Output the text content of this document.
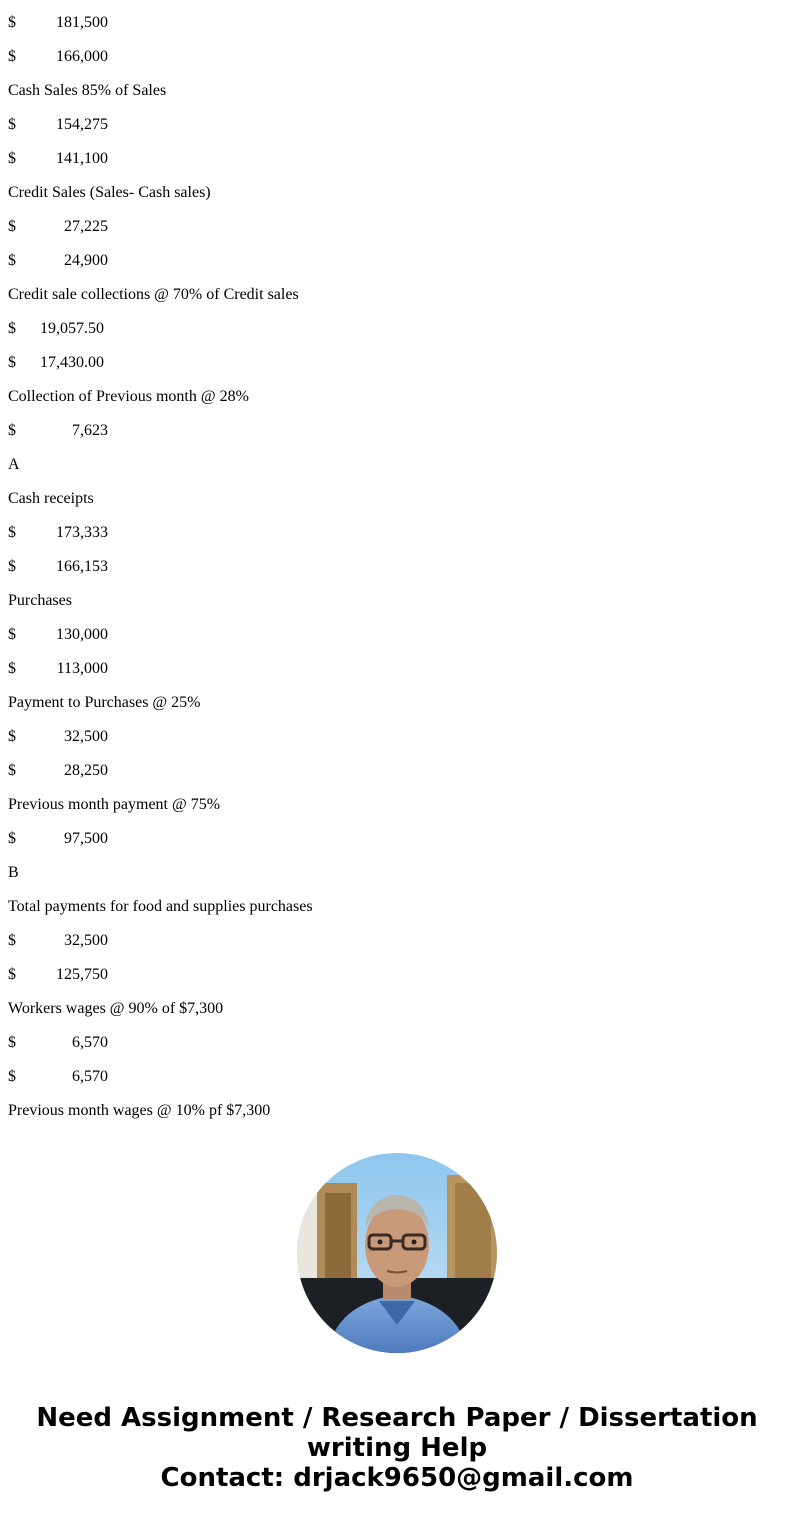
$	181,500
$	166,000
Cash Sales 85% of Sales
$	154,275
$	141,100
Credit Sales (Sales- Cash sales)
$	27,225
$	24,900
Credit sale collections @ 70% of Credit sales
$ 19,057.50
$ 17,430.00
Collection of Previous month @ 28%
$	7,623
A
Cash receipts
$	173,333
$	166,153
Purchases
$	130,000
$	113,000
Payment to Purchases @ 25%
$	32,500
$	28,250
Previous month payment @ 75%
$	97,500
B
Total payments for food and supplies purchases
$	32,500
$	125,750
Workers wages @ 90% of $7,300
$	6,570
$	6,570
Previous month wages @ 10% pf $7,300
Need Assignment / Research Paper / Dissertation
writing Help
Contact: drjack9650@gmail.com
